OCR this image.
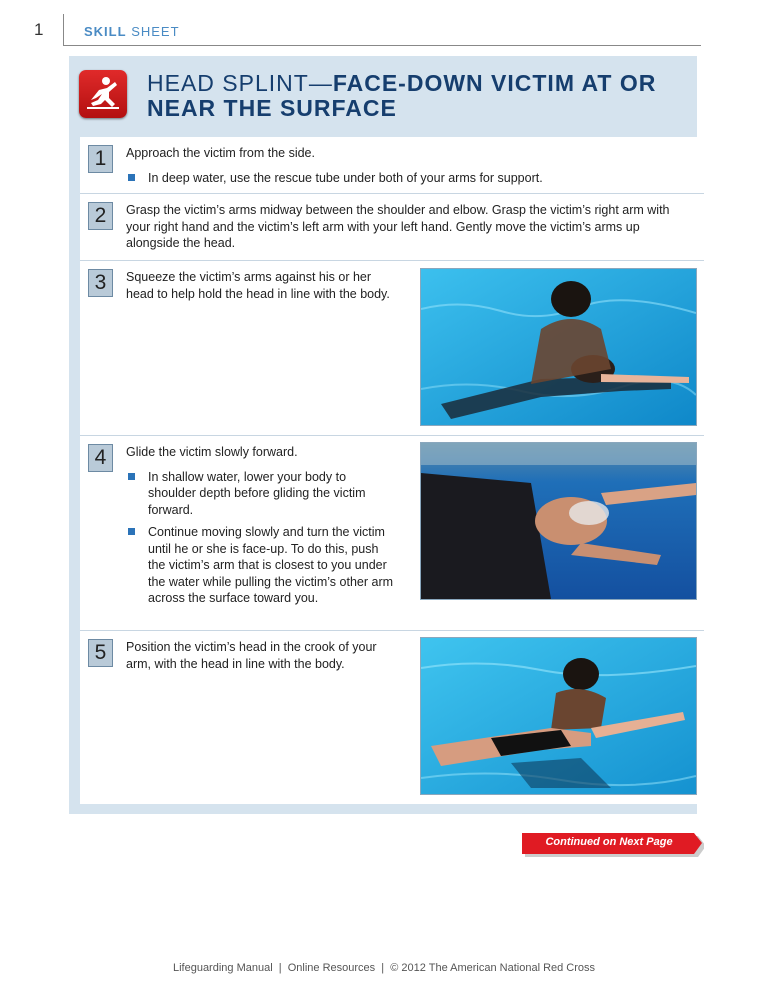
1	SKILL SHEET
HEAD SPLINT—FACE-DOWN VICTIM AT OR NEAR THE SURFACE
1	Approach the victim from the side.
In deep water, use the rescue tube under both of your arms for support.
2	Grasp the victim’s arms midway between the shoulder and elbow. Grasp the victim’s right arm with your right hand and the victim’s left arm with your left hand. Gently move the victim’s arms up alongside the head.
3	Squeeze the victim’s arms against his or her head to help hold the head in line with the body.
4	Glide the victim slowly forward.
In shallow water, lower your body to shoulder depth before gliding the victim forward.
Continue moving slowly and turn the victim until he or she is face-up. To do this, push the victim’s arm that is closest to you under the water while pulling the victim’s other arm across the surface toward you.
5	Position the victim’s head in the crook of your arm, with the head in line with the body.
Continued on Next Page
Lifeguarding Manual  |  Online Resources  |  © 2012 The American National Red Cross
